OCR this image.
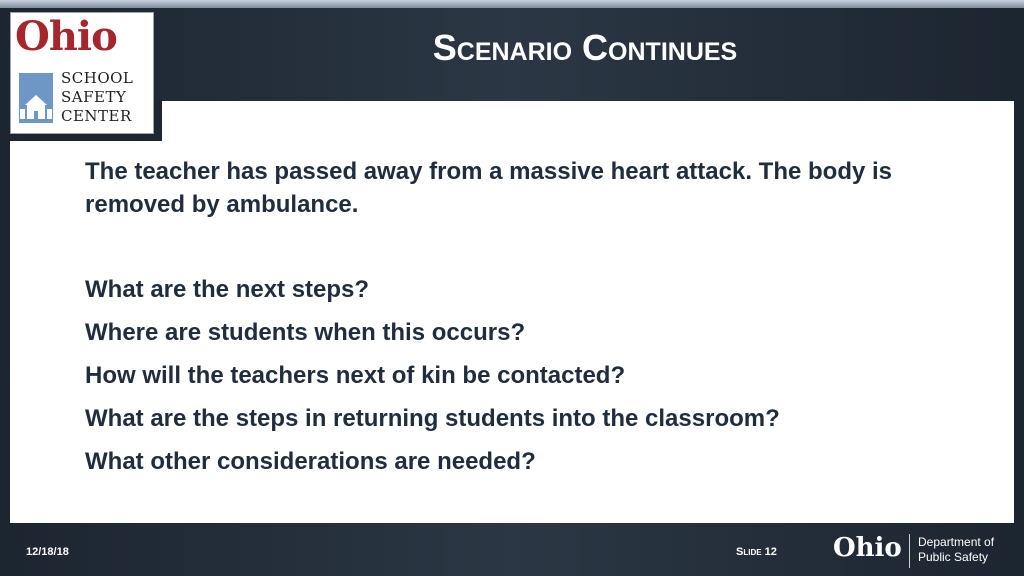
Ohio
SCHOOL
SAFETY
CENTER
Scenario Continues
The teacher has passed away from a massive heart attack. The body is removed by ambulance.
What are the next steps?
Where are students when this occurs?
How will the teachers next of kin be contacted?
What are the steps in returning students into the classroom?
What other considerations are needed?
12/18/18	Slide 12 Ohio Department of
Public Safety
